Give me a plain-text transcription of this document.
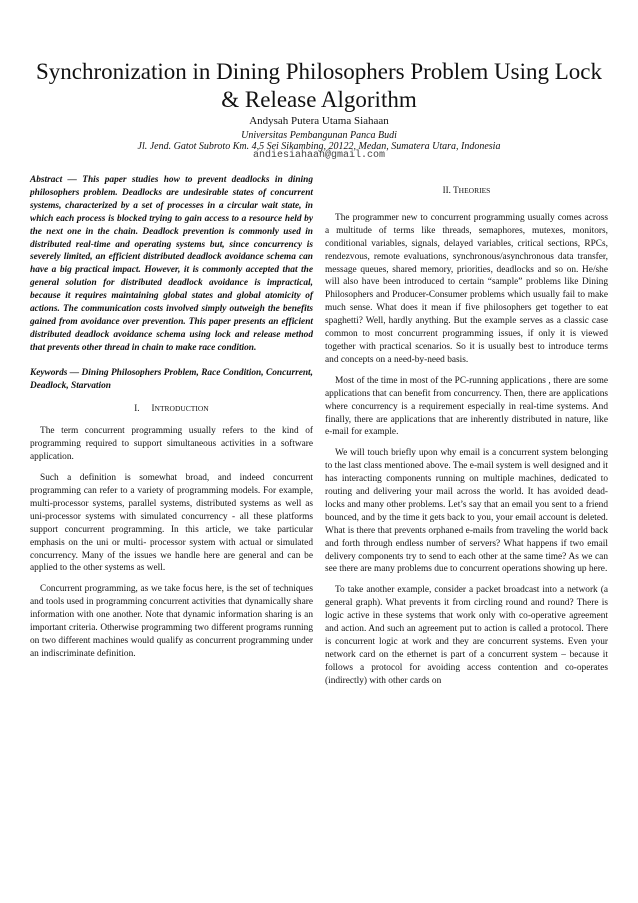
Synchronization in Dining Philosophers Problem Using Lock & Release Algorithm
Andysah Putera Utama Siahaan
Universitas Pembangunan Panca Budi
Jl. Jend. Gatot Subroto Km. 4,5 Sei Sikambing, 20122, Medan, Sumatera Utara, Indonesia
andiesiahaan@gmail.com

Abstract — This paper studies how to prevent deadlocks in dining philosophers problem. Deadlocks are undesirable states of concurrent systems, characterized by a set of processes in a circular wait state, in which each process is blocked trying to gain access to a resource held by the next one in the chain. Deadlock prevention is commonly used in distributed real-time and operating systems but, since concurrency is severely limited, an efficient distributed deadlock avoidance schema can have a big practical impact. However, it is commonly accepted that the general solution for distributed deadlock avoidance is impractical, because it requires maintaining global states and global atomicity of actions. The communication costs involved simply outweigh the benefits gained from avoidance over prevention. This paper presents an efficient distributed deadlock avoidance schema using lock and release method that prevents other thread in chain to make race condition.

Keywords — Dining Philosophers Problem, Race Condition, Concurrent, Deadlock, Starvation

I. INTRODUCTION

The term concurrent programming usually refers to the kind of programming required to support simultaneous activities in a software application.

Such a definition is somewhat broad, and indeed concurrent programming can refer to a variety of programming models. For example, multi-processor systems, parallel systems, distributed systems as well as uni-processor systems with simulated concurrency - all these platforms support concurrent programming. In this article, we take particular emphasis on the uni or multi- processor system with actual or simulated concurrency. Many of the issues we handle here are general and can be applied to the other systems as well.

Concurrent programming, as we take focus here, is the set of techniques and tools used in programming concurrent activities that dynamically share information with one another. Note that dynamic information sharing is an important criteria. Otherwise programming two different programs running on two different machines would qualify as concurrent programming under an indiscriminate definition.

II. THEORIES

The programmer new to concurrent programming usually comes across a multitude of terms like threads, semaphores, mutexes, monitors, conditional variables, signals, delayed variables, critical sections, RPCs, rendezvous, remote evaluations, synchronous/asynchronous data transfer, message queues, shared memory, priorities, deadlocks and so on. He/she will also have been introduced to certain “sample” problems like Dining Philosophers and Producer-Consumer problems which usually fail to make much sense. What does it mean if five philosophers get together to eat spaghetti? Well, hardly anything. But the example serves as a classic case common to most concurrent programming issues, if only it is viewed together with practical scenarios. So it is usually best to introduce terms and concepts on a need-by-need basis.

Most of the time in most of the PC-running applications , there are some applications that can benefit from concurrency. Then, there are applications where concurrency is a requirement especially in real-time systems. And finally, there are applications that are inherently distributed in nature, like e-mail for example.

We will touch briefly upon why email is a concurrent system belonging to the last class mentioned above. The e-mail system is well designed and it has interacting components running on multiple machines, dedicated to routing and delivering your mail across the world. It has avoided dead-locks and many other problems. Let’s say that an email you sent to a friend bounced, and by the time it gets back to you, your email account is deleted. What is there that prevents orphaned e-mails from traveling the world back and forth through endless number of servers? What happens if two email delivery components try to send to each other at the same time? As we can see there are many problems due to concurrent operations showing up here.

To take another example, consider a packet broadcast into a network (a general graph). What prevents it from circling round and round? There is logic active in these systems that work only with co-operative agreement and action. And such an agreement put to action is called a protocol. There is concurrent logic at work and they are concurrent systems. Even your network card on the ethernet is part of a concurrent system – because it follows a protocol for avoiding access contention and co-operates (indirectly) with other cards on
